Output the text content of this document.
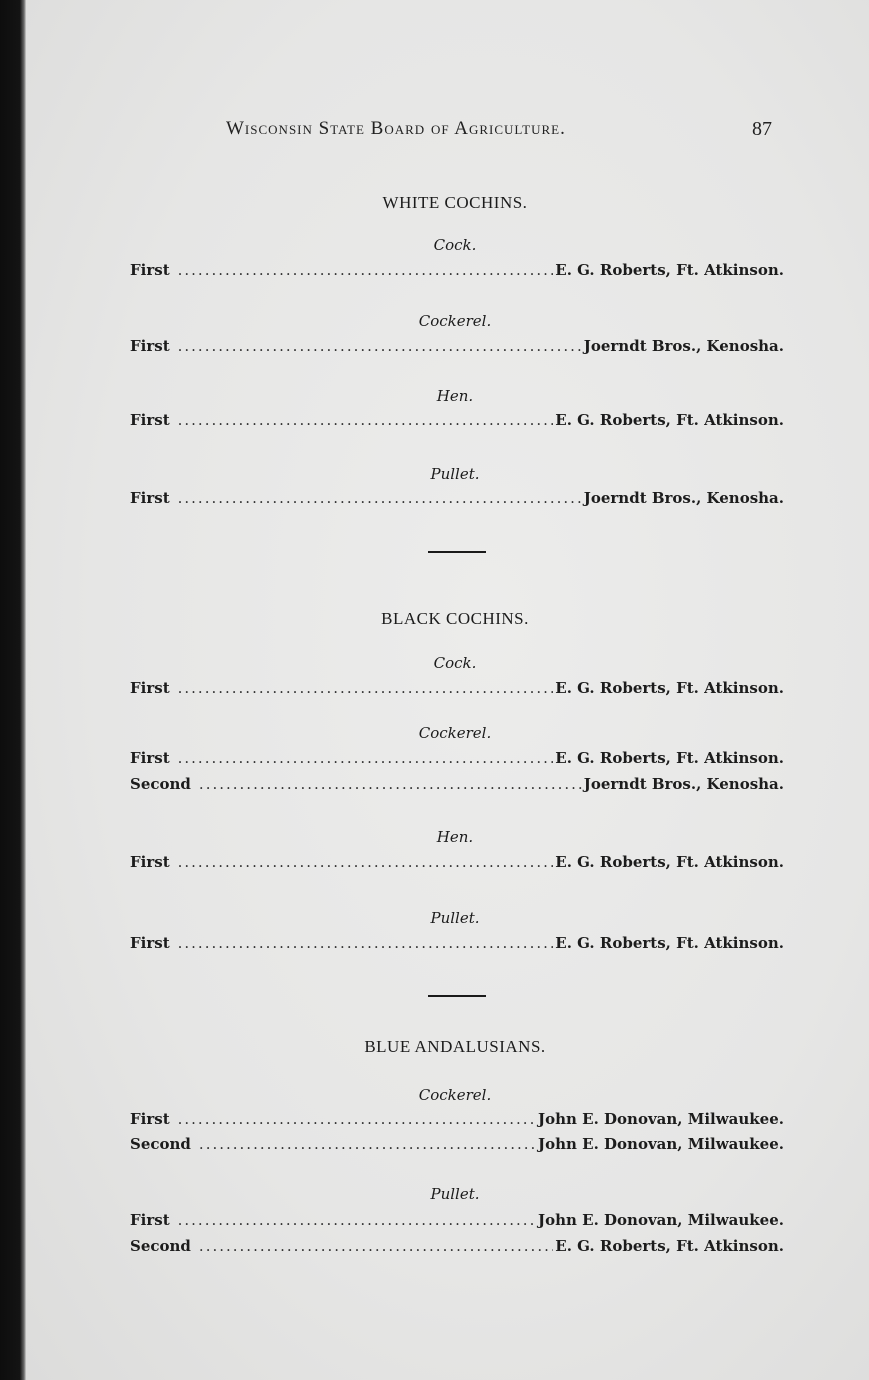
Wisconsin State Board of Agriculture.	87
WHITE COCHINS.
Cock.
First .....	E. G. Roberts, Ft. Atkinson.
Cockerel.
First .....	Joerndt Bros., Kenosha.
Hen.
First .....	E. G. Roberts, Ft. Atkinson.
Pullet.
First .....	Joerndt Bros., Kenosha.
BLACK COCHINS.
Cock.
First .....	E. G. Roberts, Ft. Atkinson.
Cockerel.
First .....	E. G. Roberts, Ft. Atkinson.
Second .....	Joerndt Bros., Kenosha.
Hen.
First .....	E. G. Roberts, Ft. Atkinson.
Pullet.
First .....	E. G. Roberts, Ft. Atkinson.
BLUE ANDALUSIANS.
Cockerel.
First .....	John E. Donovan, Milwaukee.
Second .....	John E. Donovan, Milwaukee.
Pullet.
First .....	John E. Donovan, Milwaukee.
Second .....	E. G. Roberts, Ft. Atkinson.
